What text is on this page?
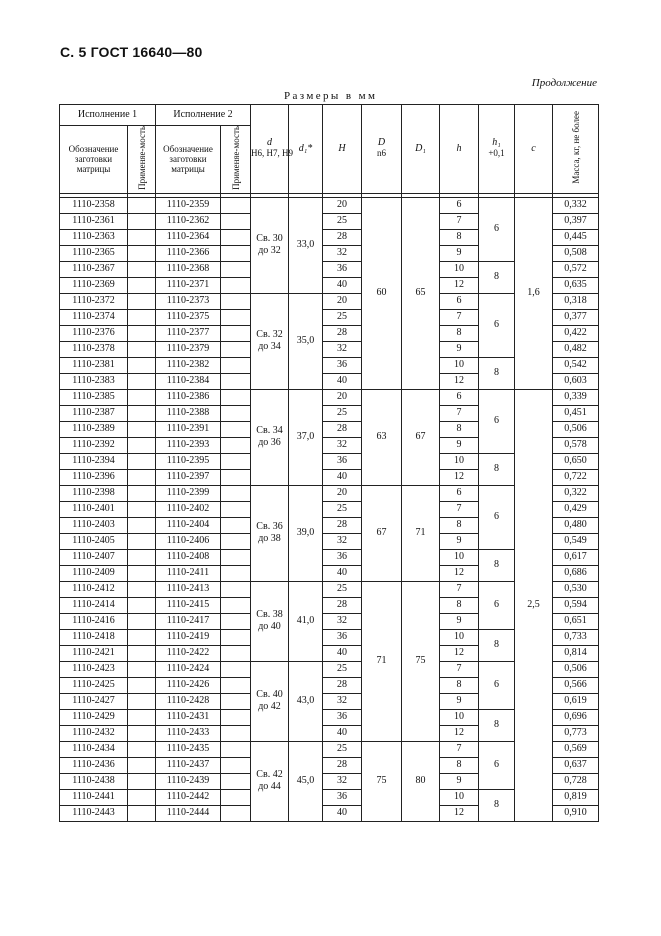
С. 5 ГОСТ 16640—80
Продолжение
Размеры в мм
Исполнение 1		Исполнение 2		d
Н6, Н7, Н9	d₁*	H	D
n6	D₁	h	h₁
+0,1	c	Масса, кг, не более

Обозначение заготовки матрицы	Применяе-мость	Обозначение заготовки матрицы	Применяе-мость									

1110-2358		1110-2359		Св. 30 до 32	33,0	20	60	65	6	6	1,6	0,332
1110-2361		1110-2362				25			7			0,397
1110-2363		1110-2364				28			8			0,445
1110-2365		1110-2366				32			9			0,508
1110-2367		1110-2368				36			10	8		0,572
1110-2369		1110-2371				40			12			0,635
1110-2372		1110-2373		Св. 32 до 34	35,0	20			6	6		0,318
1110-2374		1110-2375				25			7			0,377
1110-2376		1110-2377				28			8			0,422
1110-2378		1110-2379				32			9			0,482
1110-2381		1110-2382				36			10	8		0,542
1110-2383		1110-2384				40			12			0,603
1110-2385		1110-2386		Св. 34 до 36	37,0	20	63	67	6	6	2,5	0,339
1110-2387		1110-2388				25			7			0,451
1110-2389		1110-2391				28			8			0,506
1110-2392		1110-2393				32			9			0,578
1110-2394		1110-2395				36			10	8		0,650
1110-2396		1110-2397				40			12			0,722
1110-2398		1110-2399		Св. 36 до 38	39,0	20	67	71	6	6		0,322
1110-2401		1110-2402				25			7			0,429
1110-2403		1110-2404				28			8			0,480
1110-2405		1110-2406				32			9			0,549
1110-2407		1110-2408				36			10	8		0,617
1110-2409		1110-2411				40			12			0,686
1110-2412		1110-2413		Св. 38 до 40	41,0	25	71	75	7	6		0,530
1110-2414		1110-2415				28			8			0,594
1110-2416		1110-2417				32			9			0,651
1110-2418		1110-2419				36			10	8		0,733
1110-2421		1110-2422				40			12			0,814
1110-2423		1110-2424		Св. 40 до 42	43,0	25			7	6		0,506
1110-2425		1110-2426				28			8			0,566
1110-2427		1110-2428				32			9			0,619
1110-2429		1110-2431				36			10	8		0,696
1110-2432		1110-2433				40			12			0,773
1110-2434		1110-2435		Св. 42 до 44	45,0	25	75	80	7	6		0,569
1110-2436		1110-2437				28			8			0,637
1110-2438		1110-2439				32			9			0,728
1110-2441		1110-2442				36			10	8		0,819
1110-2443		1110-2444				40			12			0,910
